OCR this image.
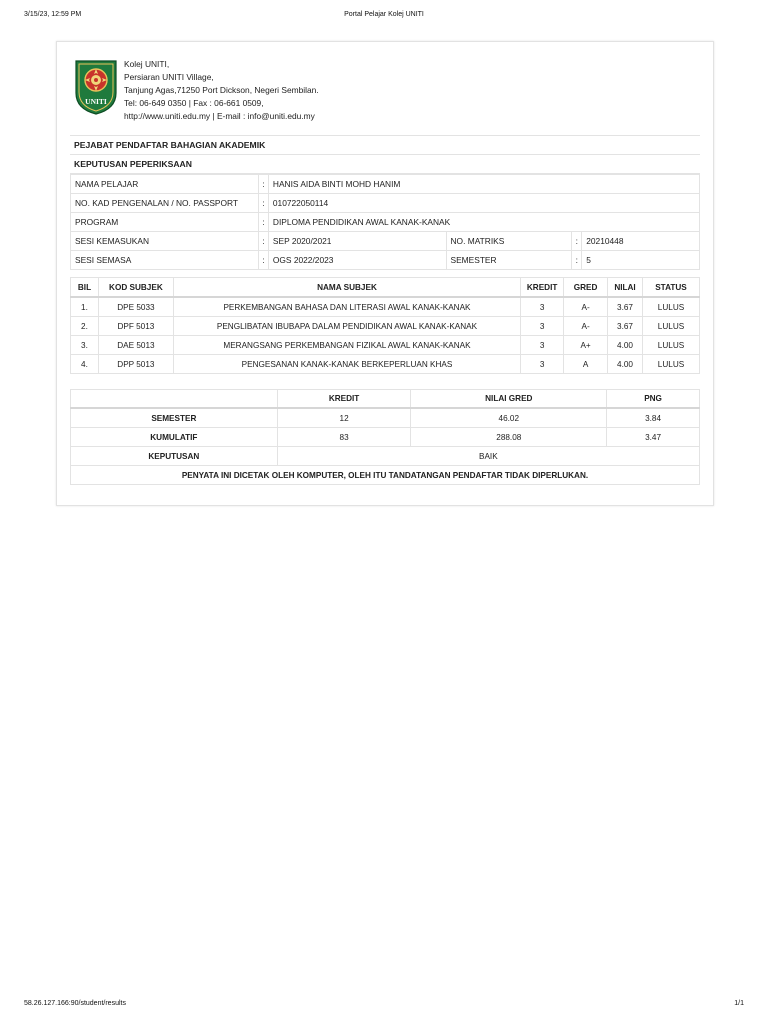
3/15/23, 12:59 PM	Portal Pelajar Kolej UNITI
UNITI
Kolej UNITI,
Persiaran UNITI Village,
Tanjung Agas,71250 Port Dickson, Negeri Sembilan.
Tel: 06-649 0350 | Fax : 06-661 0509,
http://www.uniti.edu.my | E-mail : info@uniti.edu.my
PEJABAT PENDAFTAR BAHAGIAN AKADEMIK
KEPUTUSAN PEPERIKSAAN
NAMA PELAJAR	:	HANIS AIDA BINTI MOHD HANIM			
NO. KAD PENGENALAN / NO. PASSPORT	:	010722050114			
PROGRAM	:	DIPLOMA PENDIDIKAN AWAL KANAK-KANAK			
SESI KEMASUKAN	:	SEP 2020/2021	NO. MATRIKS	:	20210448
SESI SEMASA	:	OGS 2022/2023	SEMESTER	:	5
BIL	KOD SUBJEK	NAMA SUBJEK	KREDIT	GRED	NILAI	STATUS
1.	DPE 5033	PERKEMBANGAN BAHASA DAN LITERASI AWAL KANAK-KANAK	3	A-	3.67	LULUS
2.	DPF 5013	PENGLIBATAN IBUBAPA DALAM PENDIDIKAN AWAL KANAK-KANAK	3	A-	3.67	LULUS
3.	DAE 5013	MERANGSANG PERKEMBANGAN FIZIKAL AWAL KANAK-KANAK	3	A+	4.00	LULUS
4.	DPP 5013	PENGESANAN KANAK-KANAK BERKEPERLUAN KHAS	3	A	4.00	LULUS
	KREDIT	NILAI GRED	PNG
SEMESTER	12	46.02	3.84
KUMULATIF	83	288.08	3.47
KEPUTUSAN	BAIK		
PENYATA INI DICETAK OLEH KOMPUTER, OLEH ITU TANDATANGAN PENDAFTAR TIDAK DIPERLUKAN.			
58.26.127.166:90/student/results	1/1
